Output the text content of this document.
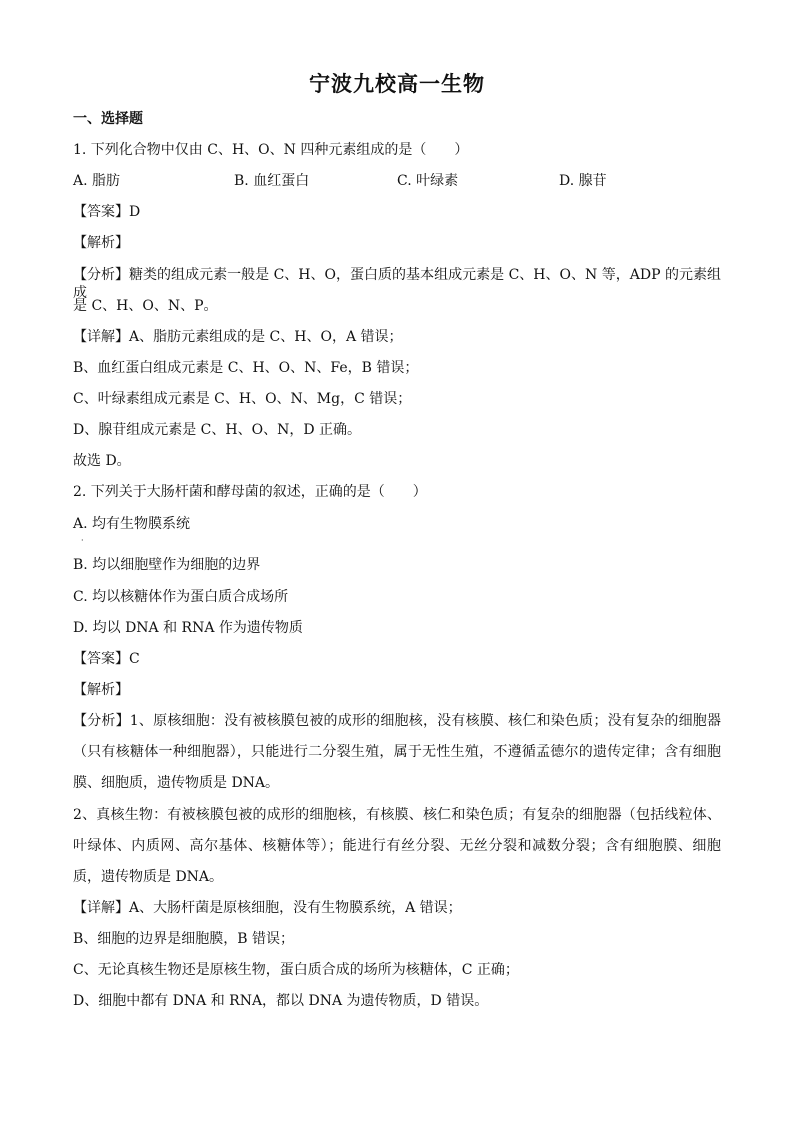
宁波九校高一生物
一、选择题
1. 下列化合物中仅由 C、H、O、N 四种元素组成的是（　　）
A. 脂肪	B. 血红蛋白	C. 叶绿素	D. 腺苷
【答案】D
【解析】
【分析】糖类的组成元素一般是 C、H、O，蛋白质的基本组成元素是 C、H、O、N 等，ADP 的元素组成
是 C、H、O、N、P。
【详解】A、脂肪元素组成的是 C、H、O，A 错误；
B、血红蛋白组成元素是 C、H、O、N、Fe，B 错误；
C、叶绿素组成元素是 C、H、O、N、Mg，C 错误；
D、腺苷组成元素是 C、H、O、N，D 正确。
故选 D。
2. 下列关于大肠杆菌和酵母菌的叙述，正确的是（　　）
A. 均有生物膜系统
·
B. 均以细胞壁作为细胞的边界
C. 均以核糖体作为蛋白质合成场所
D. 均以 DNA 和 RNA 作为遗传物质
【答案】C
【解析】
【分析】1、原核细胞：没有被核膜包被的成形的细胞核，没有核膜、核仁和染色质；没有复杂的细胞器
（只有核糖体一种细胞器），只能进行二分裂生殖，属于无性生殖，不遵循孟德尔的遗传定律；含有细胞
膜、细胞质，遗传物质是 DNA。
2、真核生物：有被核膜包被的成形的细胞核，有核膜、核仁和染色质；有复杂的细胞器（包括线粒体、
叶绿体、内质网、高尔基体、核糖体等）；能进行有丝分裂、无丝分裂和减数分裂；含有细胞膜、细胞
质，遗传物质是 DNA。
【详解】A、大肠杆菌是原核细胞，没有生物膜系统，A 错误；
B、细胞的边界是细胞膜，B 错误；
C、无论真核生物还是原核生物，蛋白质合成的场所为核糖体，C 正确；
D、细胞中都有 DNA 和 RNA，都以 DNA 为遗传物质，D 错误。
